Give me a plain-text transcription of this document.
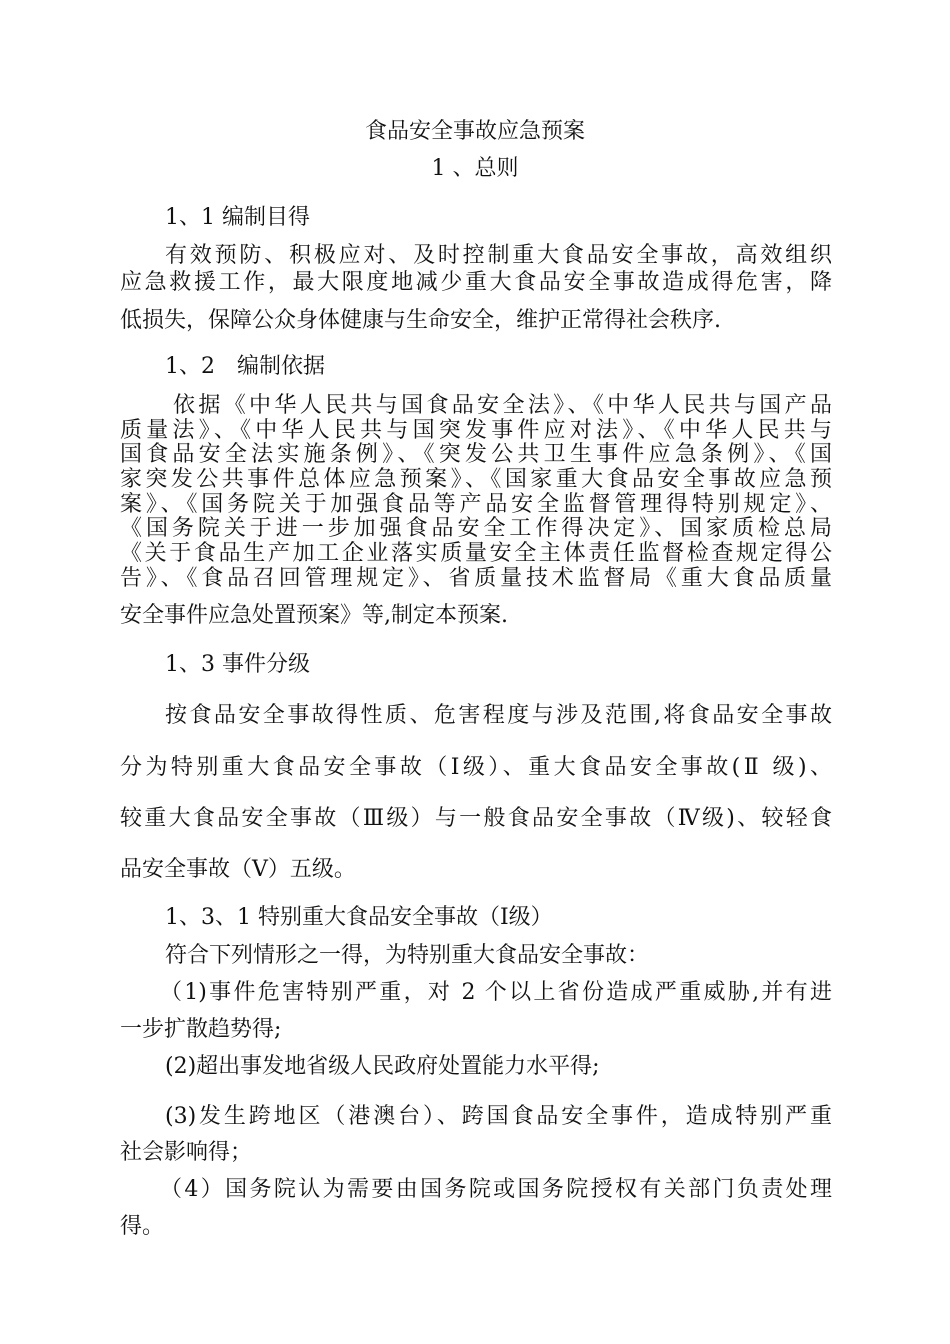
食品安全事故应急预案
1 、总则
1、1 编制目得
有效预防、积极应对、及时控制重大食品安全事故，高效组织
应急救援工作，最大限度地减少重大食品安全事故造成得危害，降
低损失，保障公众身体健康与生命安全，维护正常得社会秩序.
1、2　编制依据
依据《中华人民共与国食品安全法》、《中华人民共与国产品
质量法》、《中华人民共与国突发事件应对法》、《中华人民共与
国食品安全法实施条例》、《突发公共卫生事件应急条例》、《国
家突发公共事件总体应急预案》、《国家重大食品安全事故应急预
案》、《国务院关于加强食品等产品安全监督管理得特别规定》、
《国务院关于进一步加强食品安全工作得决定》、国家质检总局
《关于食品生产加工企业落实质量安全主体责任监督检查规定得公
告》、《食品召回管理规定》、省质量技术监督局《重大食品质量
安全事件应急处置预案》等,制定本预案.
1、3 事件分级
按食品安全事故得性质、危害程度与涉及范围,将食品安全事故
分为特别重大食品安全事故（Ⅰ级）、重大食品安全事故(Ⅱ 级)、
较重大食品安全事故（Ⅲ级）与一般食品安全事故（Ⅳ级)、较轻食
品安全事故（Ⅴ）五级。
1、3、1 特别重大食品安全事故（Ⅰ级）
符合下列情形之一得，为特别重大食品安全事故：
（1)事件危害特别严重，对 2 个以上省份造成严重威胁,并有进
一步扩散趋势得;
(2)超出事发地省级人民政府处置能力水平得;
(3)发生跨地区（港澳台）、跨国食品安全事件，造成特别严重
社会影响得；
（4）国务院认为需要由国务院或国务院授权有关部门负责处理
得。
